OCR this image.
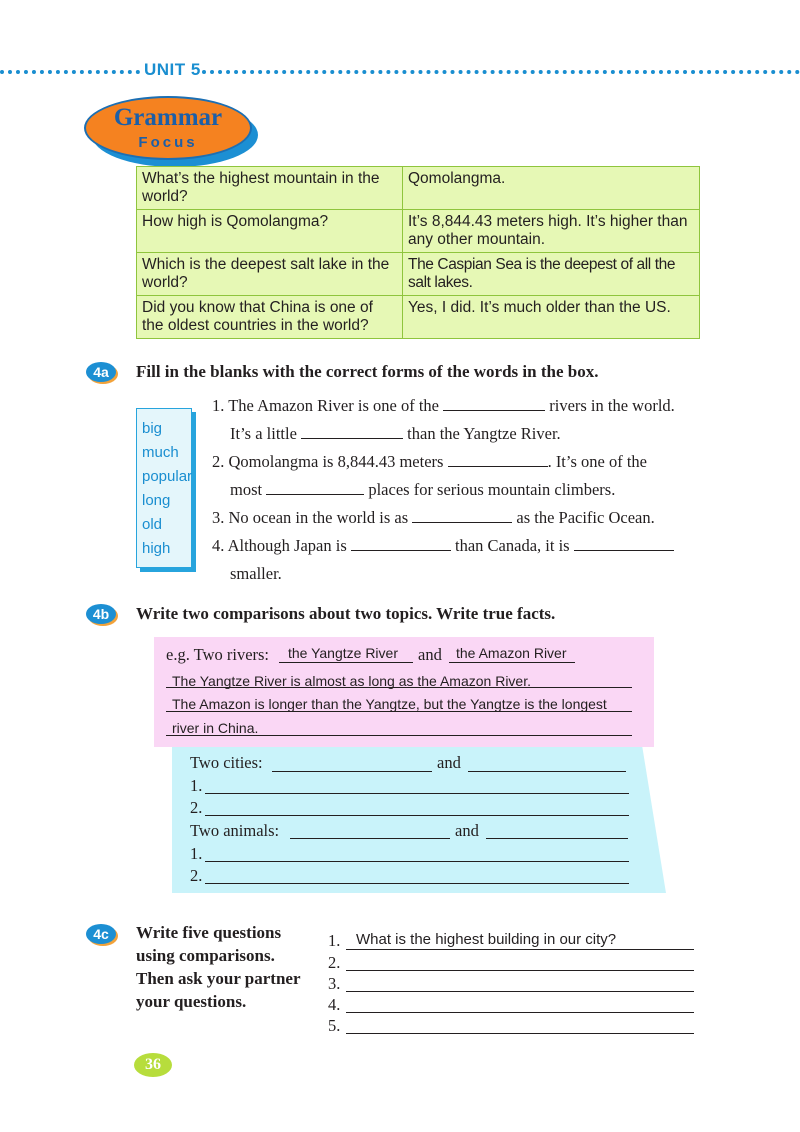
UNIT 5
Grammar
Focus
What’s the highest mountain in the world?	Qomolangma.
How high is Qomolangma?	It’s 8,844.43 meters high. It’s higher than any other mountain.
Which is the deepest salt lake in the world?	The Caspian Sea is the deepest of all the salt lakes.
Did you know that China is one of the oldest countries in the world?	Yes, I did. It’s much older than the US.
4a	Fill in the blanks with the correct forms of the words in the box.
big
much
popular
long
old
high
1. The Amazon River is one of the	rivers in the world.
It’s a little	than the Yangtze River.
2. Qomolangma is 8,844.43 meters	. It’s one of the
most	places for serious mountain climbers.
3. No ocean in the world is as	as the Pacific Ocean.
4. Although Japan is	than Canada, it is
smaller.
4b	Write two comparisons about two topics. Write true facts.
e.g. Two rivers: the Yangtze River and the Amazon River
The Yangtze River is almost as long as the Amazon River.
The Amazon is longer than the Yangtze, but the Yangtze is the longest
river in China.
Two cities:	and
1.
2.
Two animals:	and
1.
2.
4c	Write five questions
using comparisons.
Then ask your partner
your questions.
1. What is the highest building in our city?
2.
3.
4.
5.
36
